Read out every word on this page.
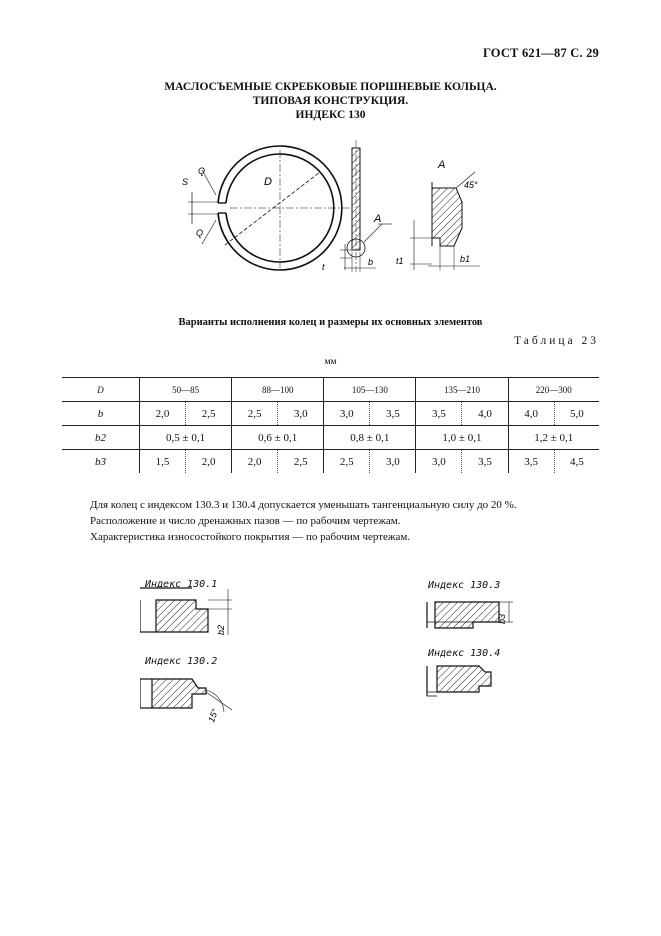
ГОСТ 621—87 С. 29
МАСЛОСЪЕМНЫЕ СКРЕБКОВЫЕ ПОРШНЕВЫЕ КОЛЬЦА.
ТИПОВАЯ КОНСТРУКЦИЯ.
ИНДЕКС 130
S
Q
Q
D
A
t	b
A
45°
t1	b1
Варианты исполнения колец и размеры их основных элементов
Таблица 23
мм
D	50—85		88—100		105—130		135—210		220—300	
b	2,0	2,5	2,5	3,0	3,0	3,5	3,5	4,0	4,0	5,0
b2	0,5 ± 0,1		0,6 ± 0,1		0,8 ± 0,1		1,0 ± 0,1		1,2 ± 0,1	
b3	1,5	2,0	2,0	2,5	2,5	3,0	3,0	3,5	3,5	4,5
Для колец с индексом 130.3 и 130.4 допускается уменьшать тангенциальную силу до 20 %.
Расположение и число дренажных пазов — по рабочим чертежам.
Характеристика износостойкого покрытия — по рабочим чертежам.
Индекс 130.1
b2
Индекс 130.2
15°
Индекс 130.3
b3
Индекс 130.4
